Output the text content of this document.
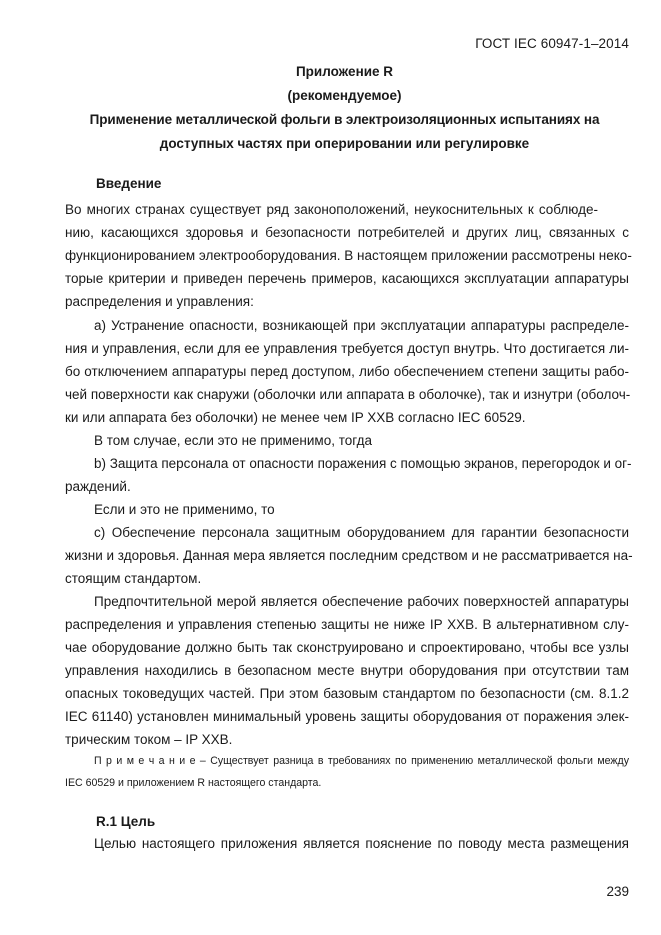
ГОСТ IEC 60947-1–2014
Приложение R
(рекомендуемое)
Применение металлической фольги в электроизоляционных испытаниях на
доступных частях при оперировании или регулировке
Введение
Во многих странах существует ряд законоположений, неукоснительных к соблюде-
нию, касающихся здоровья и безопасности потребителей и других лиц, связанных с
функционированием электрооборудования. В настоящем приложении рассмотрены неко-
торые критерии и приведен перечень примеров, касающихся эксплуатации аппаратуры
распределения и управления:
а) Устранение опасности, возникающей при эксплуатации аппаратуры распределе-
ния и управления, если для ее управления требуется доступ внутрь. Что достигается ли-
бо отключением аппаратуры перед доступом, либо обеспечением степени защиты рабо-
чей поверхности как снаружи (оболочки или аппарата в оболочке), так и изнутри (оболоч-
ки или аппарата без оболочки) не менее чем IP XXB согласно IEC 60529.
В том случае, если это не применимо, тогда
b) Защита персонала от опасности поражения с помощью экранов, перегородок и ог-
раждений.
Если и это не применимо, то
с) Обеспечение персонала защитным оборудованием для гарантии безопасности
жизни и здоровья. Данная мера является последним средством и не рассматривается на-
стоящим стандартом.
Предпочтительной мерой является обеспечение рабочих поверхностей аппаратуры
распределения и управления степенью защиты не ниже IP XXB. В альтернативном слу-
чае оборудование должно быть так сконструировано и спроектировано, чтобы все узлы
управления находились в безопасном месте внутри оборудования при отсутствии там
опасных токоведущих частей. При этом базовым стандартом по безопасности (см. 8.1.2
IEC 61140) установлен минимальный уровень защиты оборудования от поражения элек-
трическим током – IP XXB.
П р и м е ч а н и е – Существует разница в требованиях по применению металлической фольги между
IEC 60529 и приложением R настоящего стандарта.
R.1 Цель
Целью настоящего приложения является пояснение по поводу места размещения
239
